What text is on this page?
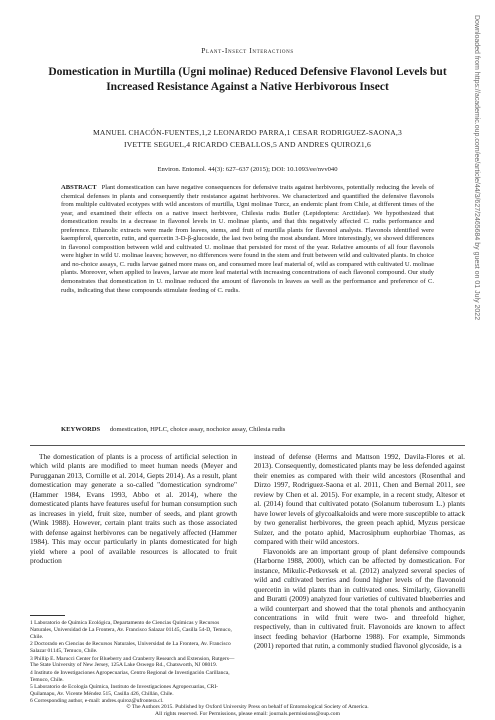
Plant-Insect Interactions
Domestication in Murtilla (Ugni molinae) Reduced Defensive Flavonol Levels but Increased Resistance Against a Native Herbivorous Insect
MANUEL CHACÓN-FUENTES,1,2 LEONARDO PARRA,1 CESAR RODRIGUEZ-SAONA,3
IVETTE SEGUEL,4 RICARDO CEBALLOS,5 AND ANDRES QUIROZ1,6
Environ. Entomol. 44(3): 627–637 (2015); DOI: 10.1093/ee/nvv040

ABSTRACT Plant domestication can have negative consequences for defensive traits against herbivores, potentially reducing the levels of chemical defenses in plants and consequently their resistance against herbivores. We characterized and quantified the defensive flavonols from multiple cultivated ecotypes with wild ancestors of murtilla, Ugni molinae Turcz, an endemic plant from Chile, at different times of the year, and examined their effects on a native insect herbivore, Chilesia rudis Butler (Lepidoptera: Arctiidae). We hypothesized that domestication results in a decrease in flavonol levels in U. molinae plants, and that this negatively affected C. rudis performance and preference. Ethanolic extracts were made from leaves, stems, and fruit of murtilla plants for flavonol analysis. Flavonols identified were kaempferol, quercetin, rutin, and quercetin 3-D-β-glucoside, the last two being the most abundant. More interestingly, we showed differences in flavonol composition between wild and cultivated U. molinae that persisted for most of the year. Relative amounts of all four flavonols were higher in wild U. molinae leaves; however, no differences were found in the stem and fruit between wild and cultivated plants. In choice and no-choice assays, C. rudis larvae gained more mass on, and consumed more leaf material of, wild as compared with cultivated U. molinae plants. Moreover, when applied to leaves, larvae ate more leaf material with increasing concentrations of each flavonol compound. Our study demonstrates that domestication in U. molinae reduced the amount of flavonols in leaves as well as the performance and preference of C. rudis, indicating that these compounds stimulate feeding of C. rudis.

KEYWORDS domestication, HPLC, choice assay, nochoice assay, Chilesia rudis

The domestication of plants is a process of artificial selection in which wild plants are modified to meet human needs (Meyer and Purugganan 2013, Cornille et al. 2014, Gepts 2014). As a result, plant domestication may generate a so-called "domestication syndrome" (Hammer 1984, Evans 1993, Abbo et al. 2014), where the domesticated plants have features useful for human consumption such as increases in yield, fruit size, number of seeds, and plant growth (Wink 1988). However, certain plant traits such as those associated with defense against herbivores can be negatively affected (Hammer 1984). This may occur particularly in plants domesticated for high yield where a pool of available resources is allocated to fruit production

instead of defense (Herms and Mattson 1992, Davila-Flores et al. 2013). Consequently, domesticated plants may be less defended against their enemies as compared with their wild ancestors (Rosenthal and Dirzo 1997, Rodriguez-Saona et al. 2011, Chen and Bernal 2011, see review by Chen et al. 2015). For example, in a recent study, Altesor et al. (2014) found that cultivated potato (Solanum tuberosum L.) plants have lower levels of glycoalkaloids and were more susceptible to attack by two generalist herbivores, the green peach aphid, Myzus persicae Sulzer, and the potato aphid, Macrosiphum euphorbiae Thomas, as compared with their wild ancestors.

Flavonoids are an important group of plant defensive compounds (Harborne 1988, 2000), which can be affected by domestication. For instance, Mikulic-Petkovsek et al. (2012) analyzed several species of wild and cultivated berries and found higher levels of the flavonoid quercetin in wild plants than in cultivated ones. Similarly, Giovanelli and Buratti (2009) analyzed four varieties of cultivated blueberries and a wild counterpart and showed that the total phenols and anthocyanin concentrations in wild fruit were two- and threefold higher, respectively, than in cultivated fruit. Flavonoids are known to affect insect feeding behavior (Harborne 1988). For example, Simmonds (2001) reported that rutin, a commonly studied flavonol glycoside, is a

1 Laboratorio de Química Ecológica, Departamento de Ciencias Químicas y Recursos Naturales, Universidad de La Frontera, Av. Francisco Salazar 01145, Casilla 54-D, Temuco, Chile.

2 Doctorado en Ciencias de Recursos Naturales, Universidad de La Frontera, Av. Francisco Salazar 01145, Temuco, Chile.

3 Phillip E. Marucci Center for Blueberry and Cranberry Research and Extension, Rutgers—The State University of New Jersey, 125A Lake Oswego Rd., Chatsworth, NJ 08019.

4 Instituto de Investigaciones Agropecuarias, Centro Regional de Investigación Carillanca, Temuco, Chile.

5 Laboratorio de Ecología Química, Instituto de Investigaciones Agropecuarias, CRI-Quilamapu, Av. Vicente Méndez 515, Casilla 426, Chillán, Chile.

6 Corresponding author, e-mail: andres.quiroz@ufrontera.cl.

© The Authors 2015. Published by Oxford University Press on behalf of Entomological Society of America.
All rights reserved. For Permissions, please email: journals.permissions@oup.com
Downloaded from https://academic.oup.com/ee/article/44/3/627/2465684 by guest on 01 July 2022
